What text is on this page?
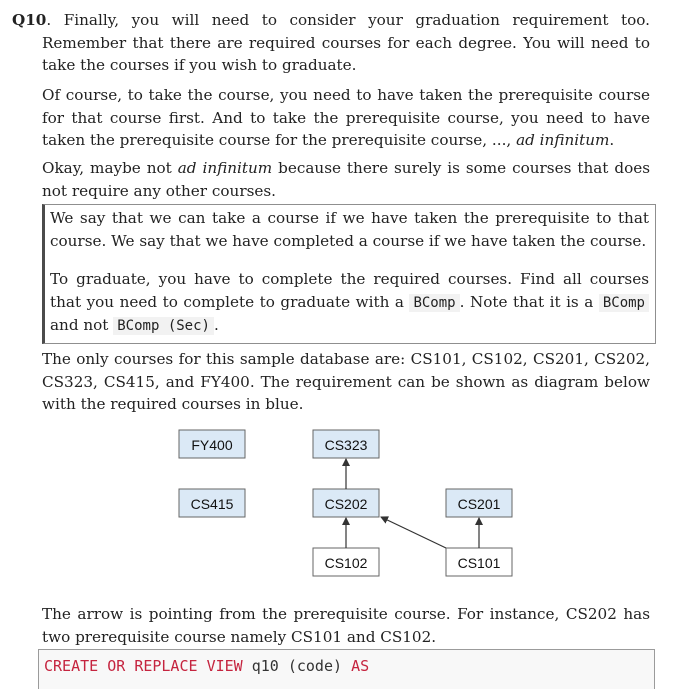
Q10. Finally, you will need to consider your graduation requirement too. Remember that there are required courses for each degree. You will need to take the courses if you wish to graduate.

Of course, to take the course, you need to have taken the prerequisite course for that course first. And to take the prerequisite course, you need to have taken the prerequisite course for the prerequisite course, ..., ad infinitum.

Okay, maybe not ad infinitum because there surely is some courses that does not require any other courses.

We say that we can take a course if we have taken the prerequisite to that course. We say that we have completed a course if we have taken the course.

To graduate, you have to complete the required courses. Find all courses that you need to complete to graduate with a BComp . Note that it is a BComp and not BComp (Sec) .

The only courses for this sample database are: CS101, CS102, CS201, CS202, CS323, CS415, and FY400. The requirement can be shown as diagram below with the required courses in blue.

FY400	CS323
CS415	CS202	CS201
CS102	CS101

The arrow is pointing from the prerequisite course. For instance, CS202 has two prerequisite course namely CS101 and CS102.

CREATE OR REPLACE VIEW q10 (code) AS
